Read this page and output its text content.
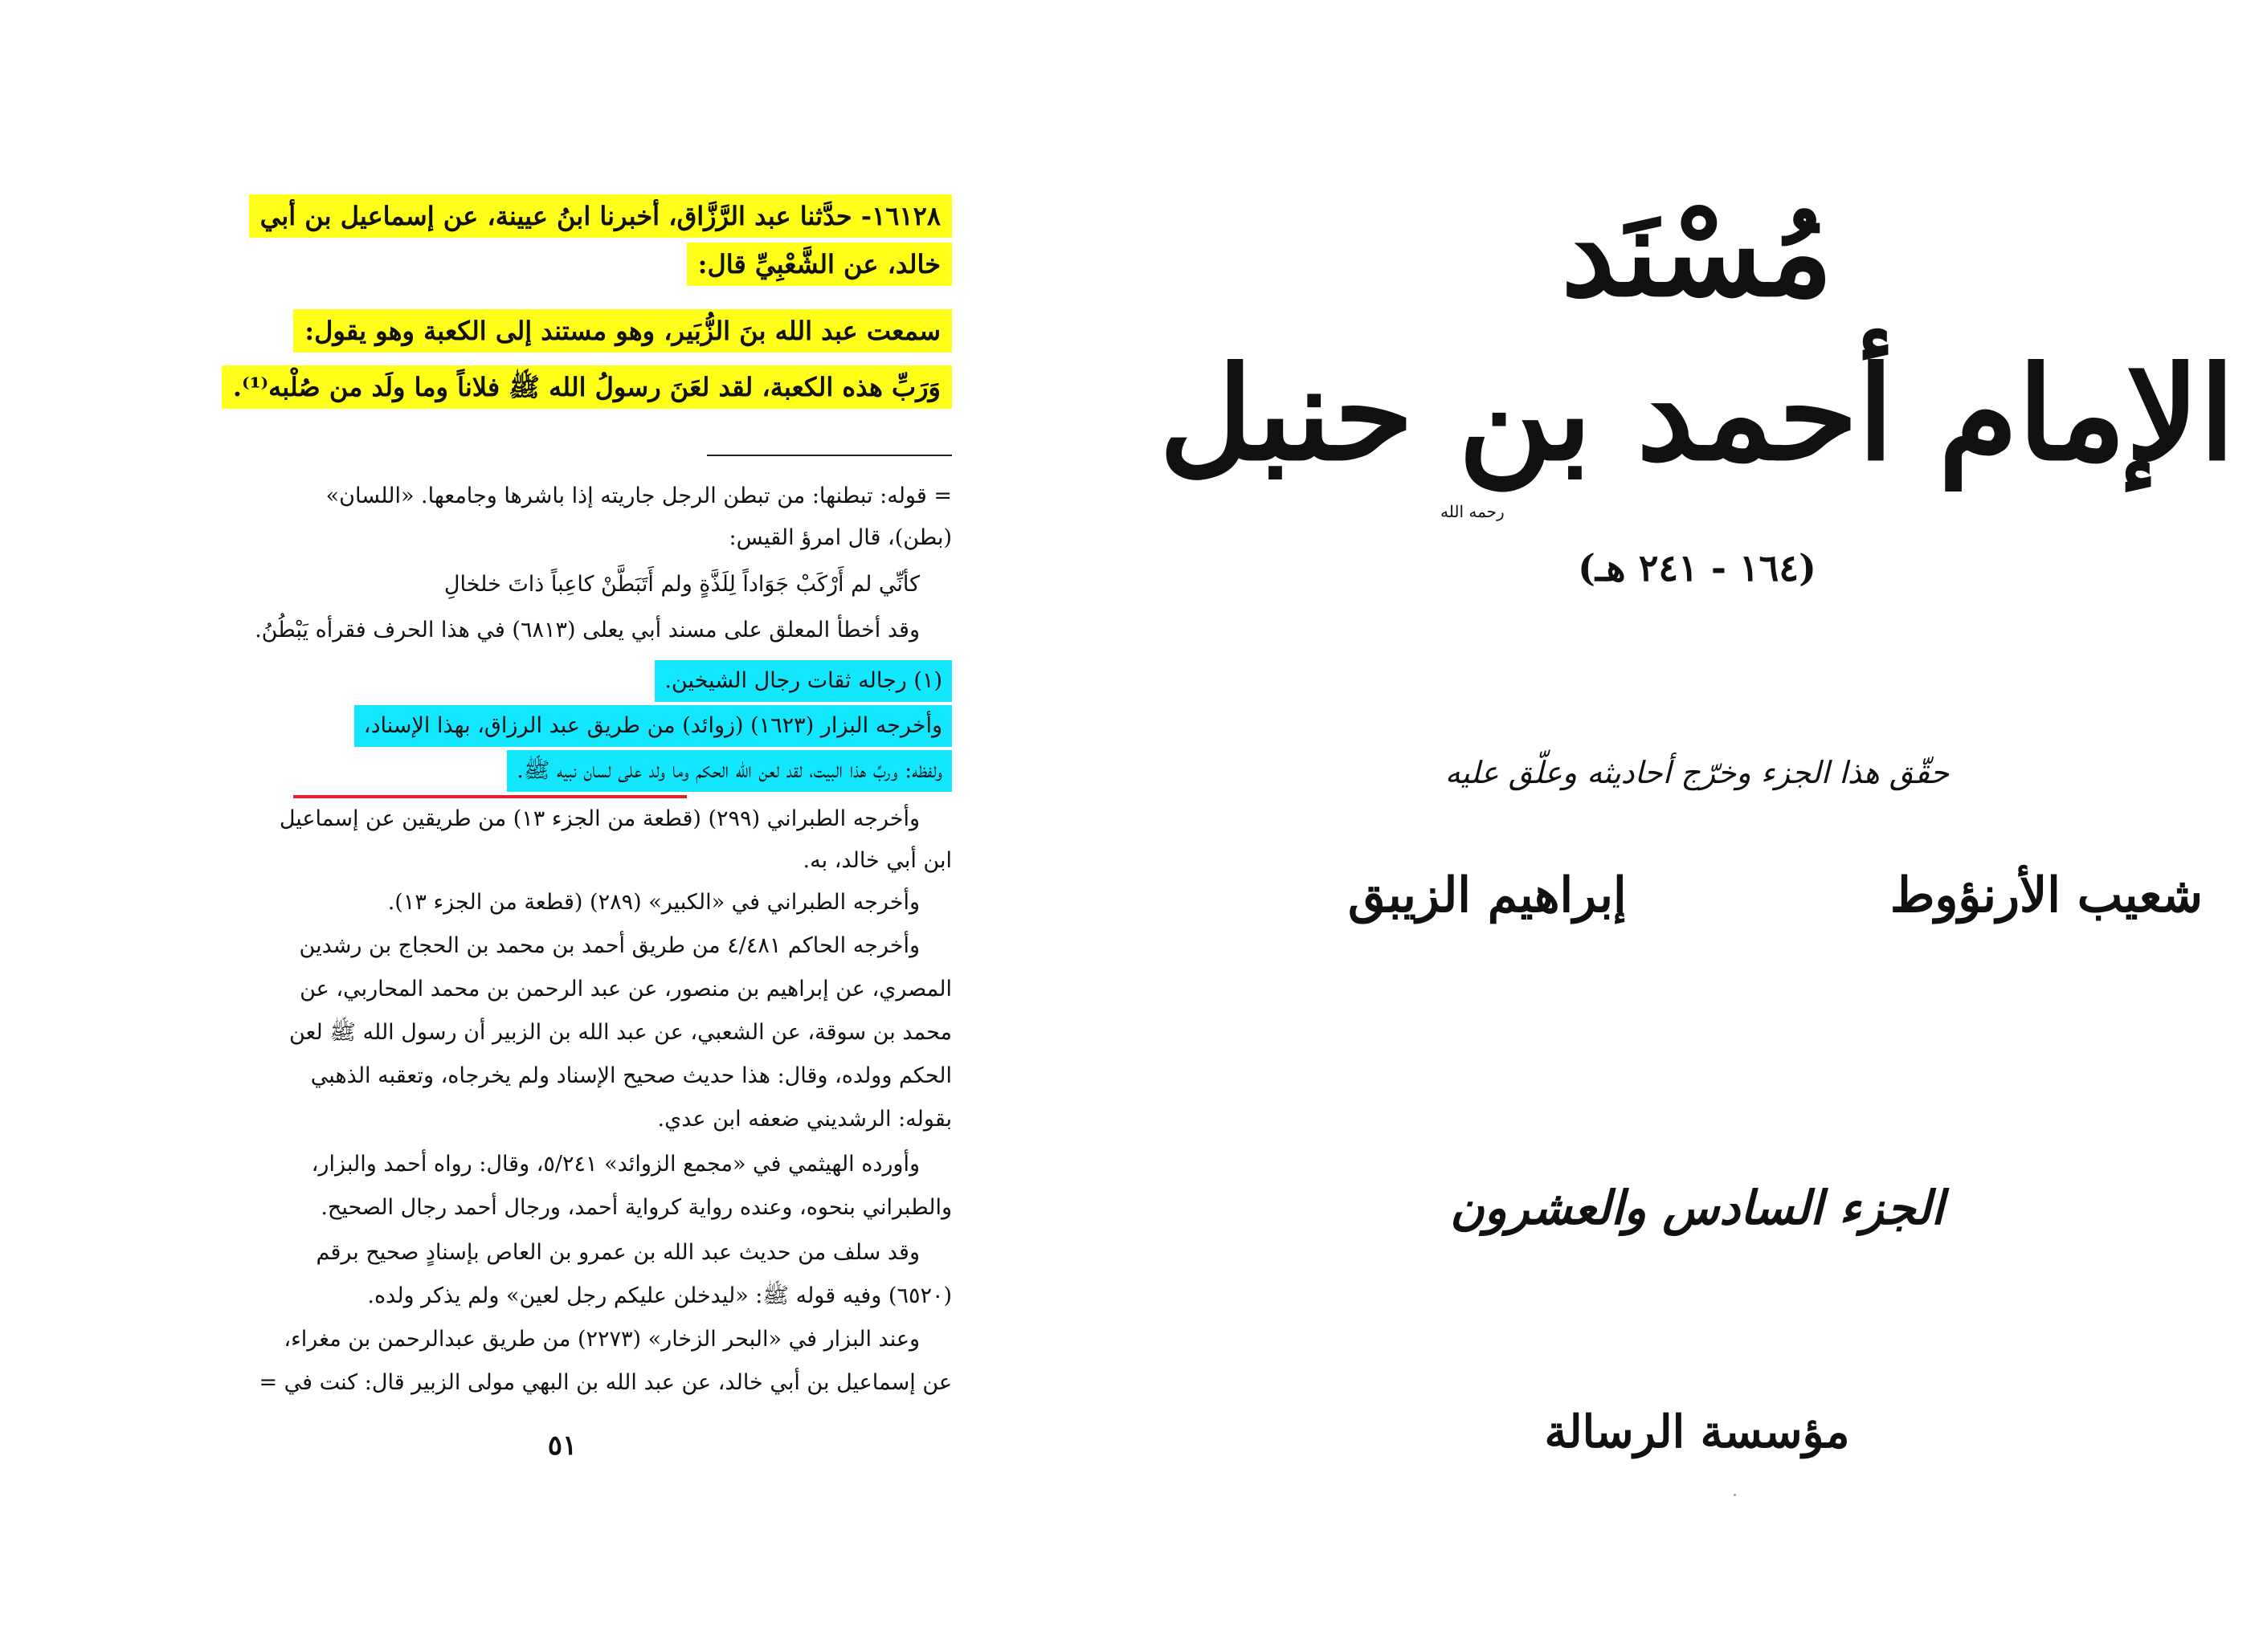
١٦١٢٨- حدَّثنا عبد الرَّزَّاق، أخبرنا ابنُ عيينة، عن إسماعيل بن أبي
خالد، عن الشَّعْبِيِّ قال:
سمعت عبد الله بنَ الزُّبَير، وهو مستند إلى الكعبة وهو يقول:
وَرَبِّ هذه الكعبة، لقد لعَنَ رسولُ الله ﷺ فلاناً وما ولَد من صُلْبه⁽¹⁾.
= قوله: تبطنها: من تبطن الرجل جاريته إذا باشرها وجامعها. «اللسان»
(بطن)، قال امرؤ القيس:
كأنِّي لم أَرْكَبْ جَوَاداً لِلَذَّةٍ ولم أَتَبَطَّنْ كاعِباً ذاتَ خلخالِ
وقد أخطأ المعلق على مسند أبي يعلى (٦٨١٣) في هذا الحرف فقرأه يَبْطُنُ.
(١) رجاله ثقات رجال الشيخين.
وأخرجه البزار (١٦٢٣) (زوائد) من طريق عبد الرزاق، بهذا الإسناد،
ولفظه: وربِّ هذا البيت، لقد لعن الله الحكم وما ولد على لسان نبيه ﷺ.
وأخرجه الطبراني (٢٩٩) (قطعة من الجزء ١٣) من طريقين عن إسماعيل
ابن أبي خالد، به.
وأخرجه الطبراني في «الكبير» (٢٨٩) (قطعة من الجزء ١٣).
وأخرجه الحاكم ٤/٤٨١ من طريق أحمد بن محمد بن الحجاج بن رشدين
المصري، عن إبراهيم بن منصور، عن عبد الرحمن بن محمد المحاربي، عن
محمد بن سوقة، عن الشعبي، عن عبد الله بن الزبير أن رسول الله ﷺ لعن
الحكم وولده، وقال: هذا حديث صحيح الإسناد ولم يخرجاه، وتعقبه الذهبي
بقوله: الرشديني ضعفه ابن عدي.
وأورده الهيثمي في «مجمع الزوائد» ٥/٢٤١، وقال: رواه أحمد والبزار،
والطبراني بنحوه، وعنده رواية كرواية أحمد، ورجال أحمد رجال الصحيح.
وقد سلف من حديث عبد الله بن عمرو بن العاص بإسنادٍ صحيح برقم
(٦٥٢٠) وفيه قوله ﷺ: «ليدخلن عليكم رجل لعين» ولم يذكر ولده.
وعند البزار في «البحر الزخار» (٢٢٧٣) من طريق عبدالرحمن بن مغراء،
عن إسماعيل بن أبي خالد، عن عبد الله بن البهي مولى الزبير قال: كنت في =
٥١
مُسْنَد
الإمام أحمد بن حنبل
رحمه الله
(١٦٤ - ٢٤١ هـ)
حقّق هذا الجزء وخرّج أحاديثه وعلّق عليه
شعيب الأرنؤوط
إبراهيم الزيبق
الجزء السادس والعشرون
مؤسسة الرسالة
